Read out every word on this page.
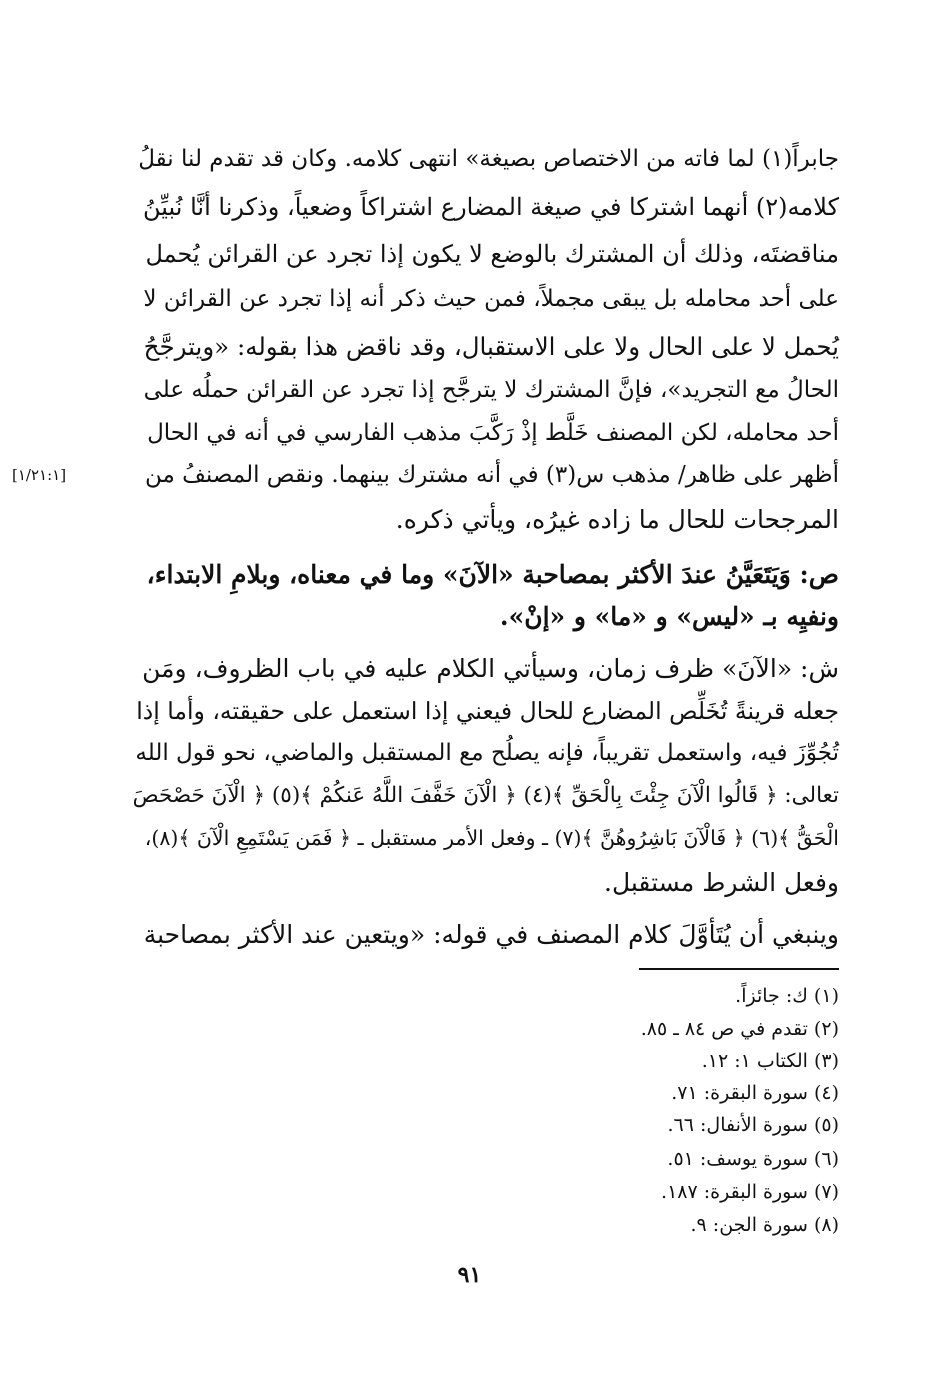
جابراً(١) لما فاته من الاختصاص بصيغة» انتهى كلامه. وكان قد تقدم لنا نقلُ
كلامه(٢) أنهما اشتركا في صيغة المضارع اشتراكاً وضعياً، وذكرنا أنَّا نُبيِّنُ
مناقضتَه، وذلك أن المشترك بالوضع لا يكون إذا تجرد عن القرائن يُحمل
على أحد محامله بل يبقى مجملاً، فمن حيث ذكر أنه إذا تجرد عن القرائن لا
يُحمل لا على الحال ولا على الاستقبال، وقد ناقض هذا بقوله: «ويترجَّحُ
الحالُ مع التجريد»، فإنَّ المشترك لا يترجَّح إذا تجرد عن القرائن حملُه على
أحد محامله، لكن المصنف خَلَّط إذْ رَكَّبَ مذهب الفارسي في أنه في الحال
أظهر على ظاهر/ مذهب س(٣) في أنه مشترك بينهما. ونقص المصنفُ من
المرجحات للحال ما زاده غيرُه، ويأتي ذكره.
[١/٢١:١]
ص: وَيَتَعَيَّنُ عندَ الأكثر بمصاحبة «الآنَ» وما في معناه، وبلامِ الابتداء،
ونفيِه بـ «ليس» و «ما» و «إنْ».
ش: «الآنَ» ظرف زمان، وسيأتي الكلام عليه في باب الظروف، ومَن
جعله قرينةً تُخَلِّص المضارع للحال فيعني إذا استعمل على حقيقته، وأما إذا
تُجُوِّزَ فيه، واستعمل تقريباً، فإنه يصلُح مع المستقبل والماضي، نحو قول الله
تعالى: ﴿ قَالُوا الْآنَ جِئْتَ بِالْحَقِّ ﴾(٤) ﴿ الْآنَ خَفَّفَ اللَّهُ عَنكُمْ ﴾(٥) ﴿ الْآنَ حَصْحَصَ
الْحَقُّ ﴾(٦) ﴿ فَالْآنَ بَاشِرُوهُنَّ ﴾(٧) ـ وفعل الأمر مستقبل ـ ﴿ فَمَن يَسْتَمِعِ الْآنَ ﴾(٨)،
وفعل الشرط مستقبل.
وينبغي أن يُتَأوَّلَ كلام المصنف في قوله: «ويتعين عند الأكثر بمصاحبة
(١) ك: جائزاً.
(٢) تقدم في ص ٨٤ ـ ٨٥.
(٣) الكتاب ١: ١٢.
(٤) سورة البقرة: ٧١.
(٥) سورة الأنفال: ٦٦.
(٦) سورة يوسف: ٥١.
(٧) سورة البقرة: ١٨٧.
(٨) سورة الجن: ٩.
٩١
